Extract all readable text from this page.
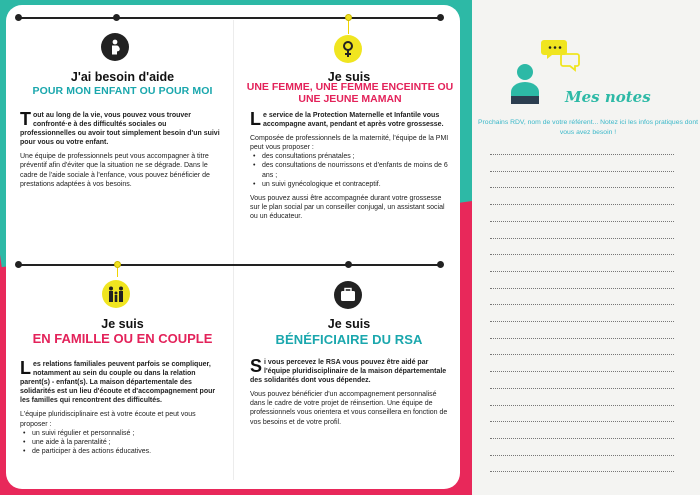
J'ai besoin d'aide
POUR MON ENFANT OU POUR MOI
Tout au long de la vie, vous pouvez vous trouver confronté·e à des difficultés sociales ou professionnelles ou avoir tout simplement besoin d'un suivi pour vous ou votre enfant.
Une équipe de professionnels peut vous accompagner à titre préventif afin d'éviter que la situation ne se dégrade. Dans le cadre de l'aide sociale à l'enfance, vous pouvez bénéficier de prestations adaptées à vos besoins.
Je suis
UNE FEMME, UNE FEMME ENCEINTE OU UNE JEUNE MAMAN
Le service de la Protection Maternelle et Infantile vous accompagne avant, pendant et après votre grossesse.
Composée de professionnels de la maternité, l'équipe de la PMI peut vous proposer :
• des consultations prénatales ;
• des consultations de nourrissons et d'enfants de moins de 6 ans ;
• un suivi gynécologique et contraceptif.
Vous pouvez aussi être accompagnée durant votre grossesse sur le plan social par un conseiller conjugal, un assistant social ou un éducateur.
Je suis
EN FAMILLE OU EN COUPLE
Les relations familiales peuvent parfois se compliquer, notamment au sein du couple ou dans la relation parent(s) - enfant(s). La maison départementale des solidarités est un lieu d'écoute et d'accompagnement pour les familles qui rencontrent des difficultés.
L'équipe pluridisciplinaire est à votre écoute et peut vous proposer :
• un suivi régulier et personnalisé ;
• une aide à la parentalité ;
• de participer à des actions éducatives.
Je suis
BÉNÉFICIAIRE DU RSA
Si vous percevez le RSA vous pouvez être aidé par l'équipe pluridisciplinaire de la maison départementale des solidarités dont vous dépendez.
Vous pouvez bénéficier d'un accompagnement personnalisé dans le cadre de votre projet de réinsertion. Une équipe de professionnels vous orientera et vous conseillera en fonction de vos besoins et de votre profil.
Mes notes
Prochains RDV, nom de votre référent... Notez ici les infos pratiques dont vous avez besoin !
